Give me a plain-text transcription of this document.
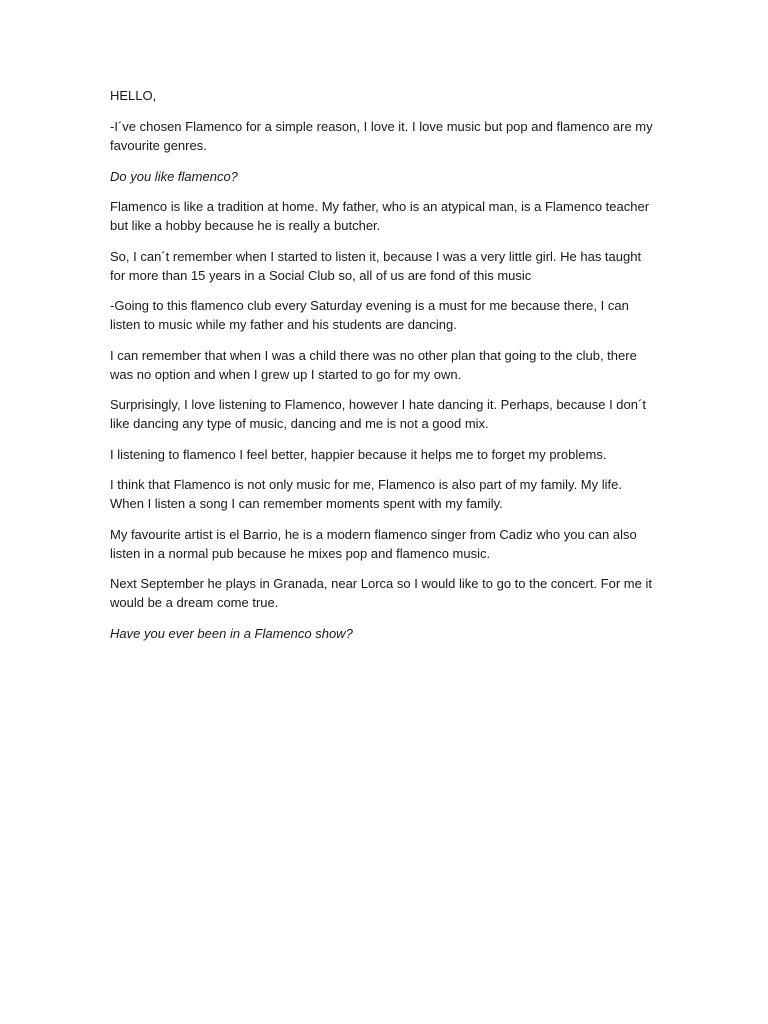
HELLO,

-I´ve chosen Flamenco for a simple reason, I love it. I love music but pop and flamenco are my favourite genres.

Do you like flamenco?

Flamenco is like a tradition at home. My father, who is an atypical man, is a Flamenco teacher but like a hobby because he is really a butcher.

So, I can´t remember when I started to listen it, because I was a very little girl. He has taught for more than 15 years in a Social Club so, all of us are fond of this music

-Going to this flamenco club every Saturday evening is a must for me because there, I can listen to music while my father and his students are dancing.

I can remember that when I was a child there was no other plan that going to the club, there was no option and when I grew up I started to go for my own.

Surprisingly, I love listening to Flamenco, however I hate dancing it. Perhaps, because I don´t like dancing any type of music, dancing and me is not a good mix.

I listening to flamenco I feel better, happier because it helps me to forget my problems.

I think that Flamenco is not only music for me, Flamenco is also part of my family. My life. When I listen a song I can remember moments spent with my family.

My favourite artist is el Barrio, he is a modern flamenco singer from Cadiz who you can also listen in a normal pub because he mixes pop and flamenco music.

Next September he plays in Granada, near Lorca so I would like to go to the concert. For me it would be a dream come true.

Have you ever been in a Flamenco show?
